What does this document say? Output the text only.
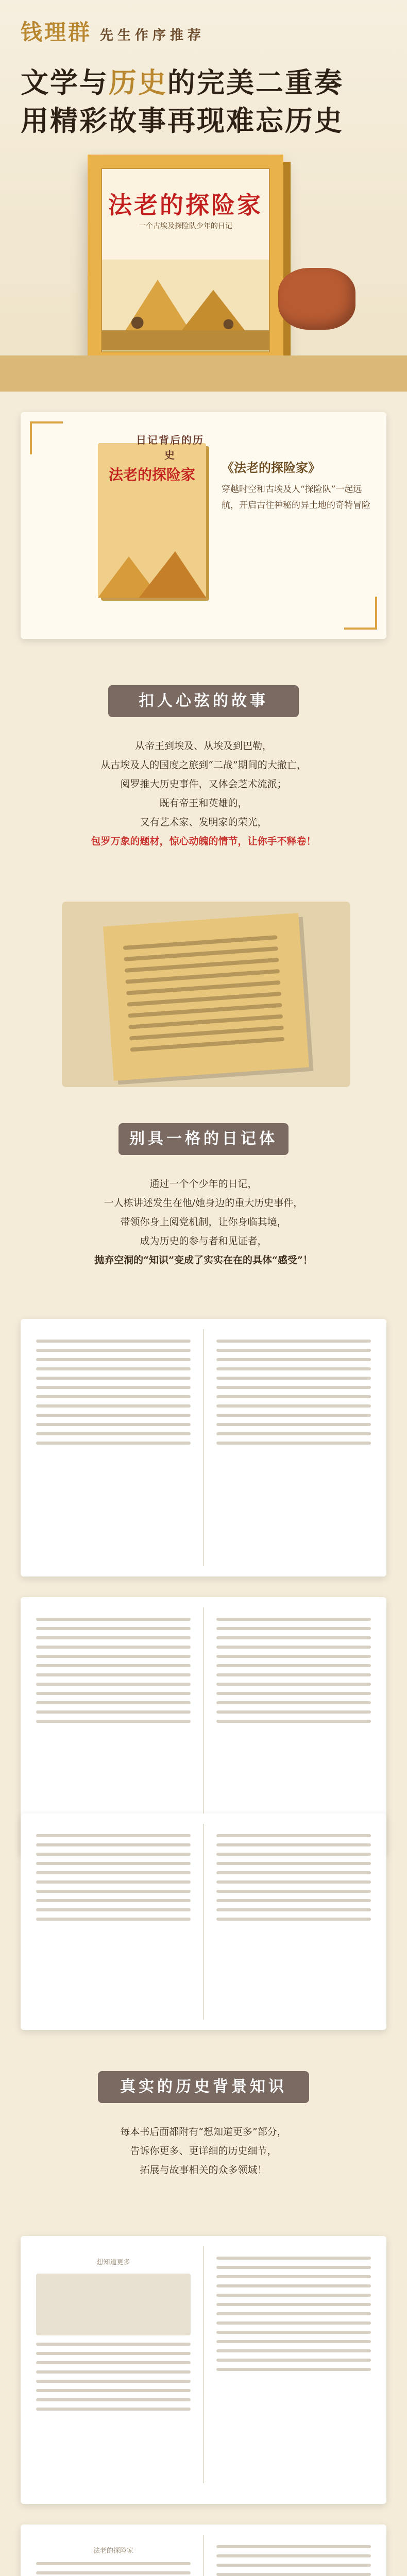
钱理群 先生作序推荐
文学与历史的完美二重奏
用精彩故事再现难忘历史
法老的探险家
一个古埃及探险队少年的日记
法老的探险家
日记背后的历史
《法老的探险家》
穿越时空和古埃及人“探险队”一起远航，开启古往神秘的异土地的奇特冒险
扣人心弦的故事
从帝王到埃及、从埃及到巴勒，
从古埃及人的国度之旅到“二战”期间的大撤亡，
阅罗推大历史事件，又体会芝术流派；
既有帝王和英雄的，
又有艺术家、发明家的荣光，
包罗万象的题材，惊心动魄的情节，让你手不释卷！
别具一格的日记体
通过一个个少年的日记，
一人栋讲述发生在他/她身边的重大历史事件，
带领你身上阅党机制，让你身临其境，
成为历史的参与者和见证者，
抛弃空洞的“知识”变成了实实在在的具体“感受”！
真实的历史背景知识
每本书后面都附有“想知道更多”部分，
告诉你更多、更详细的历史细节，
拓展与故事相关的众多领域！
想知道更多
法老的探险家
